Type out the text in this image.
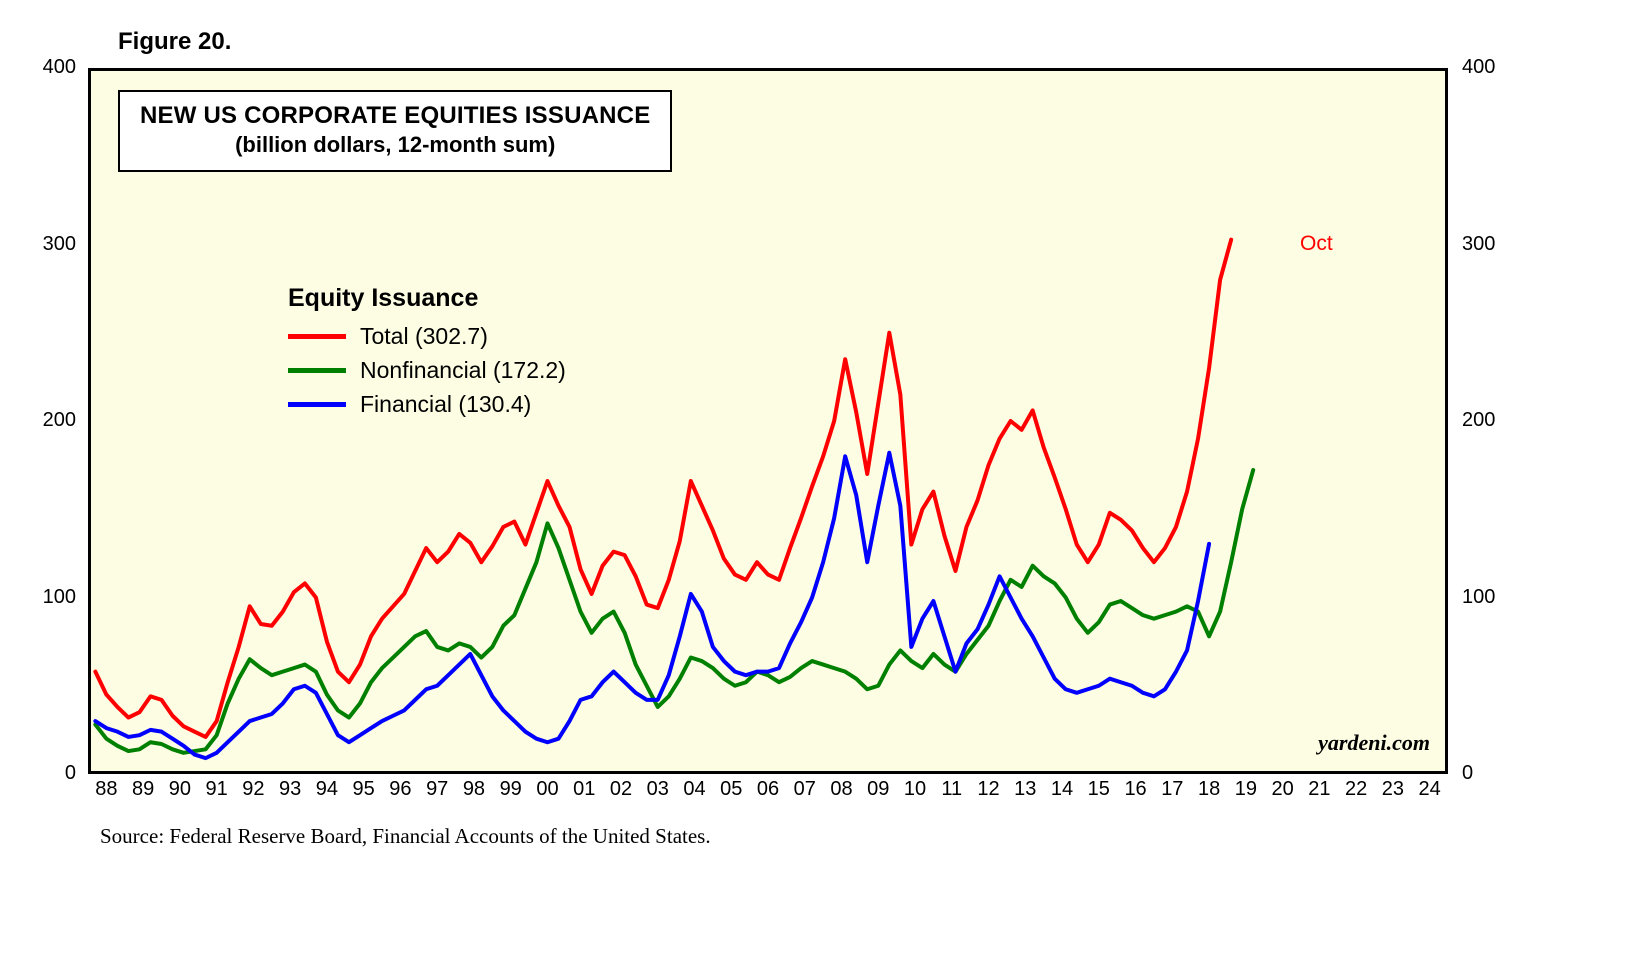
Figure 20.
NEW US CORPORATE EQUITIES ISSUANCE
(billion dollars, 12-month sum)
Equity Issuance
Total (302.7)
Nonfinancial (172.2)
Financial (130.4)
Oct
yardeni.com
0
100
200
300
400
0
100
200
300
400
88 89 90 91 92 93 94 95 96 97 98 99 00 01 02 03 04 05 06 07 08 09 10 11 12 13 14 15 16 17 18 19 20 21 22 23 24
Source: Federal Reserve Board, Financial Accounts of the United States.
